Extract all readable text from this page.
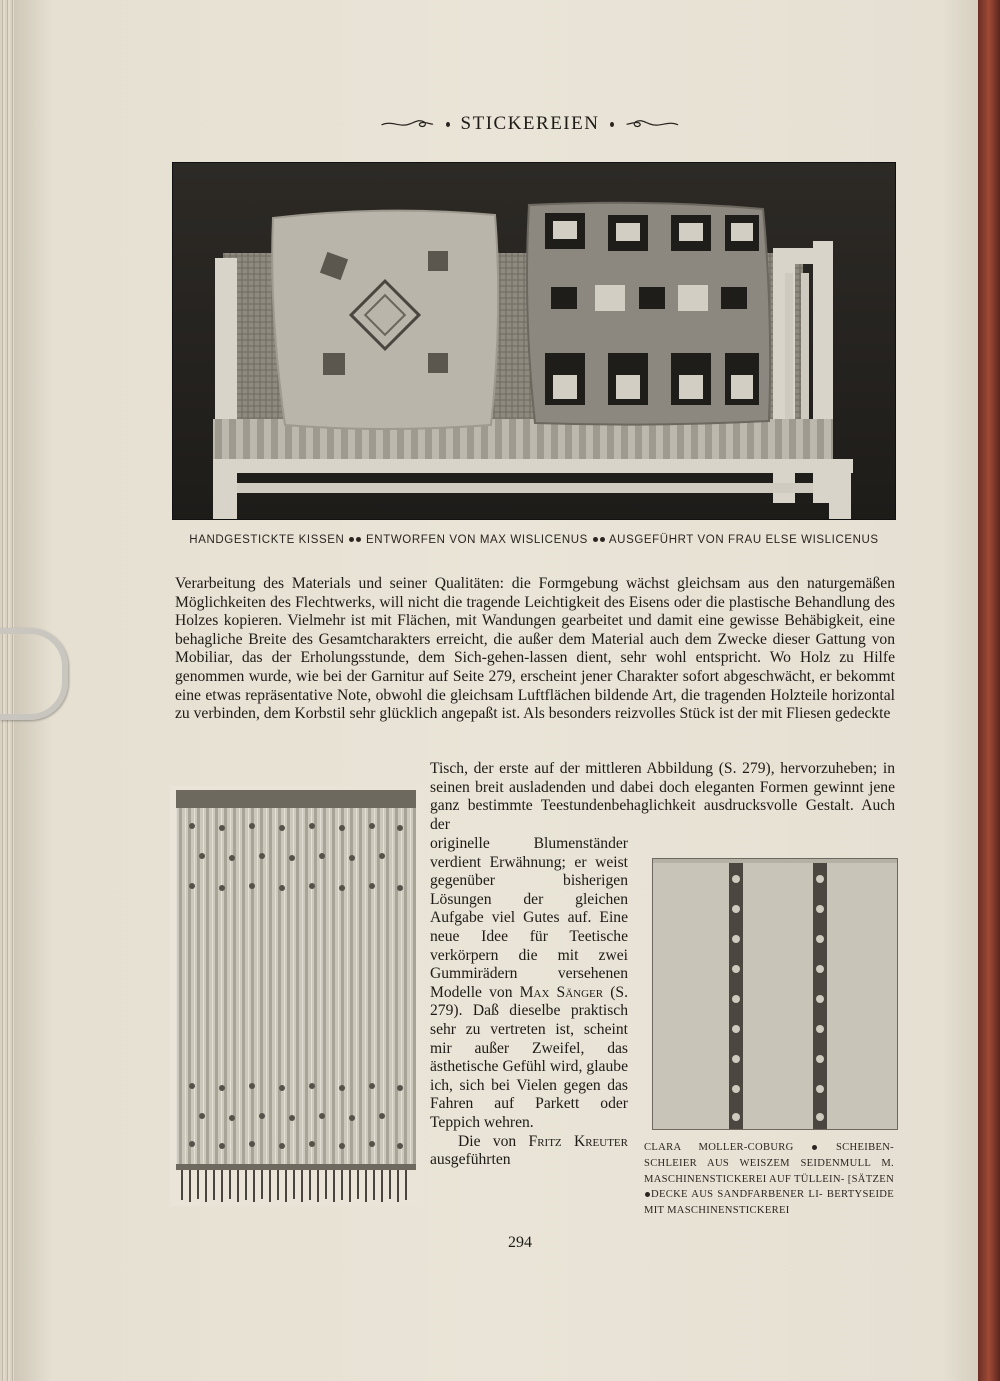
STICKEREIEN
HANDGESTICKTE KISSEN ENTWORFEN VON MAX WISLICENUS AUSGEFÜHRT VON FRAU ELSE WISLICENUS
Verarbeitung des Materials und seiner Qualitäten: die Formgebung wächst gleichsam aus den naturgemäßen Möglichkeiten des Flechtwerks, will nicht die tragende Leichtigkeit des Eisens oder die plastische Behandlung des Holzes kopieren. Vielmehr ist mit Flächen, mit Wandungen gearbeitet und damit eine gewisse Behäbigkeit, eine behagliche Breite des Gesamtcharakters erreicht, die außer dem Material auch dem Zwecke dieser Gattung von Mobiliar, das der Erholungsstunde, dem Sich-gehen-lassen dient, sehr wohl entspricht. Wo Holz zu Hilfe genommen wurde, wie bei der Garnitur auf Seite 279, erscheint jener Charakter sofort abgeschwächt, er bekommt eine etwas repräsentative Note, obwohl die gleichsam Luftflächen bildende Art, die tragenden Holzteile horizontal zu verbinden, dem Korbstil sehr glücklich angepaßt ist. Als besonders reizvolles Stück ist der mit Fliesen gedeckte
Tisch, der erste auf der mittleren Abbildung (S. 279), hervorzuheben; in seinen breit ausladenden und dabei doch eleganten Formen gewinnt jene ganz bestimmte Teestundenbehaglichkeit ausdrucksvolle Gestalt. Auch der
originelle Blumenständer verdient Erwähnung; er weist gegenüber bisherigen Lösungen der gleichen Aufgabe viel Gutes auf. Eine neue Idee für Teetische verkörpern die mit zwei Gummirädern versehenen Modelle von Max Sänger (S. 279). Daß dieselbe praktisch sehr zu vertreten ist, scheint mir außer Zweifel, das ästhetische Gefühl wird, glaube ich, sich bei Vielen gegen das Fahren auf Parkett oder Teppich wehren.
Die von Fritz Kreuter ausgeführten
CLARA MOLLER-COBURG	SCHEIBEN- SCHLEIER AUS WEISZEM SEIDENMULL M. MASCHINENSTICKEREI AUF TÜLLEIN- [SÄTZENDECKE AUS SANDFARBENER LI- BERTYSEIDE MIT MASCHINENSTICKEREI
294
